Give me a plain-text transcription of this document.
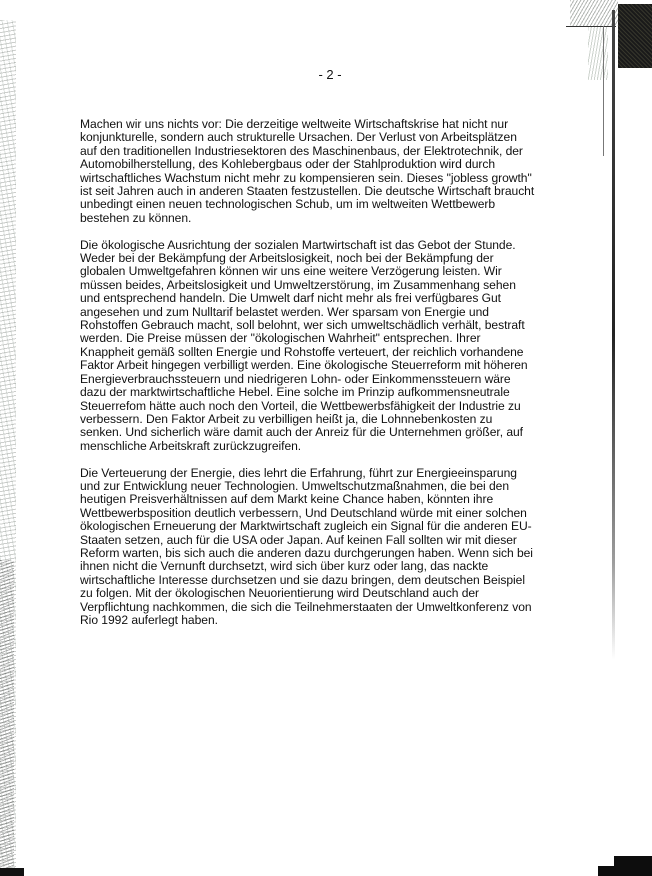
- 2 -

Machen wir uns nichts vor: Die derzeitige weltweite Wirtschaftskrise hat nicht nur
konjunkturelle, sondern auch strukturelle Ursachen. Der Verlust von Arbeitsplätzen
auf den traditionellen Industriesektoren des Maschinenbaus, der Elektrotechnik, der
Automobilherstellung, des Kohlebergbaus oder der Stahlproduktion wird durch
wirtschaftliches Wachstum nicht mehr zu kompensieren sein. Dieses "jobless growth"
ist seit Jahren auch in anderen Staaten festzustellen. Die deutsche Wirtschaft braucht
unbedingt einen neuen technologischen Schub, um im weltweiten Wettbewerb
bestehen zu können.

Die ökologische Ausrichtung der sozialen Martwirtschaft ist das Gebot der Stunde.
Weder bei der Bekämpfung der Arbeitslosigkeit, noch bei der Bekämpfung der
globalen Umweltgefahren können wir uns eine weitere Verzögerung leisten. Wir
müssen beides, Arbeitslosigkeit und Umweltzerstörung, im Zusammenhang sehen
und entsprechend handeln. Die Umwelt darf nicht mehr als frei verfügbares Gut
angesehen und zum Nulltarif belastet werden. Wer sparsam von Energie und
Rohstoffen Gebrauch macht, soll belohnt, wer sich umweltschädlich verhält, bestraft
werden. Die Preise müssen der "ökologischen Wahrheit" entsprechen. Ihrer
Knappheit gemäß sollten Energie und Rohstoffe verteuert, der reichlich vorhandene
Faktor Arbeit hingegen verbilligt werden. Eine ökologische Steuerreform mit höheren
Energieverbrauchssteuern und niedrigeren Lohn- oder Einkommenssteuern wäre
dazu der marktwirtschaftliche Hebel. Eine solche im Prinzip aufkommensneutrale
Steuerrefom hätte auch noch den Vorteil, die Wettbewerbsfähigkeit der Industrie zu
verbessern. Den Faktor Arbeit zu verbilligen heißt ja, die Lohnnebenkosten zu
senken. Und sicherlich wäre damit auch der Anreiz für die Unternehmen größer, auf
menschliche Arbeitskraft zurückzugreifen.

Die Verteuerung der Energie, dies lehrt die Erfahrung, führt zur Energieeinsparung
und zur Entwicklung neuer Technologien. Umweltschutzmaßnahmen, die bei den
heutigen Preisverhältnissen auf dem Markt keine Chance haben, könnten ihre
Wettbewerbsposition deutlich verbessern, Und Deutschland würde mit einer solchen
ökologischen Erneuerung der Marktwirtschaft zugleich ein Signal für die anderen EU-
Staaten setzen, auch für die USA oder Japan. Auf keinen Fall sollten wir mit dieser
Reform warten, bis sich auch die anderen dazu durchgerungen haben. Wenn sich bei
ihnen nicht die Vernunft durchsetzt, wird sich über kurz oder lang, das nackte
wirtschaftliche Interesse durchsetzen und sie dazu bringen, dem deutschen Beispiel
zu folgen. Mit der ökologischen Neuorientierung wird Deutschland auch der
Verpflichtung nachkommen, die sich die Teilnehmerstaaten der Umweltkonferenz von
Rio 1992 auferlegt haben.
